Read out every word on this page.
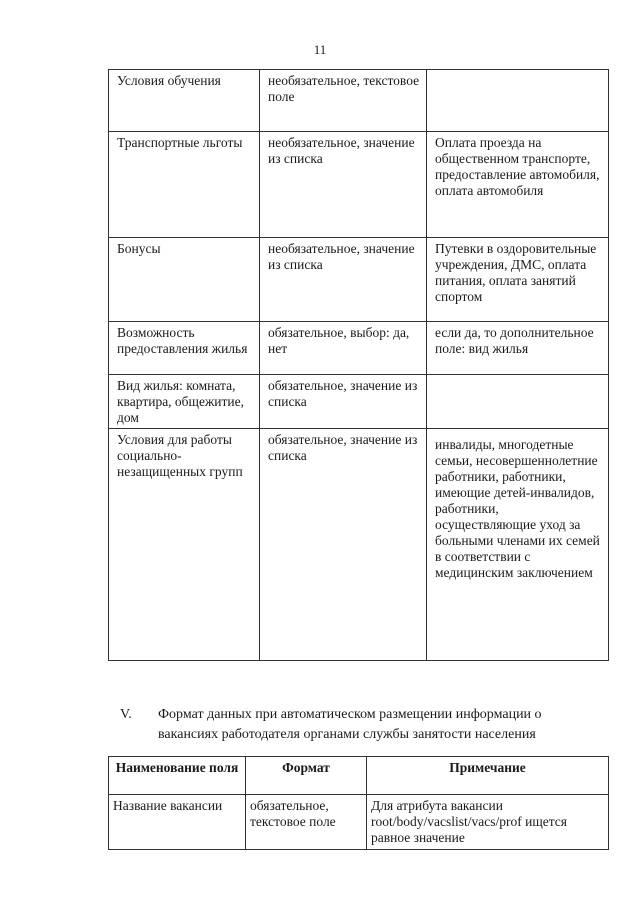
11
Условия обучения	необязательное, текстовое поле	
Транспортные льготы	необязательное, значение из списка	Оплата проезда на общественном транспорте, предоставление автомобиля, оплата автомобиля
Бонусы	необязательное, значение из списка	Путевки в оздоровительные учреждения, ДМС, оплата питания, оплата занятий спортом
Возможность предоставления жилья	обязательное, выбор: да, нет	если да, то дополнительное поле: вид жилья
Вид жилья: комната, квартира, общежитие, дом	обязательное, значение из списка	
Условия для работы социально-незащищенных групп	обязательное, значение из списка	инвалиды, многодетные семьи, несовершеннолетние работники, работники, имеющие детей-инвалидов, работники, осуществляющие уход за больными членами их семей в соответствии с медицинским заключением
V. Формат данных при автоматическом размещении информации о вакансиях работодателя органами службы занятости населения
Наименование поля	Формат	Примечание
Название вакансии	обязательное, текстовое поле	Для атрибута вакансии root/body/vacslist/vacs/prof ищется равное значение
